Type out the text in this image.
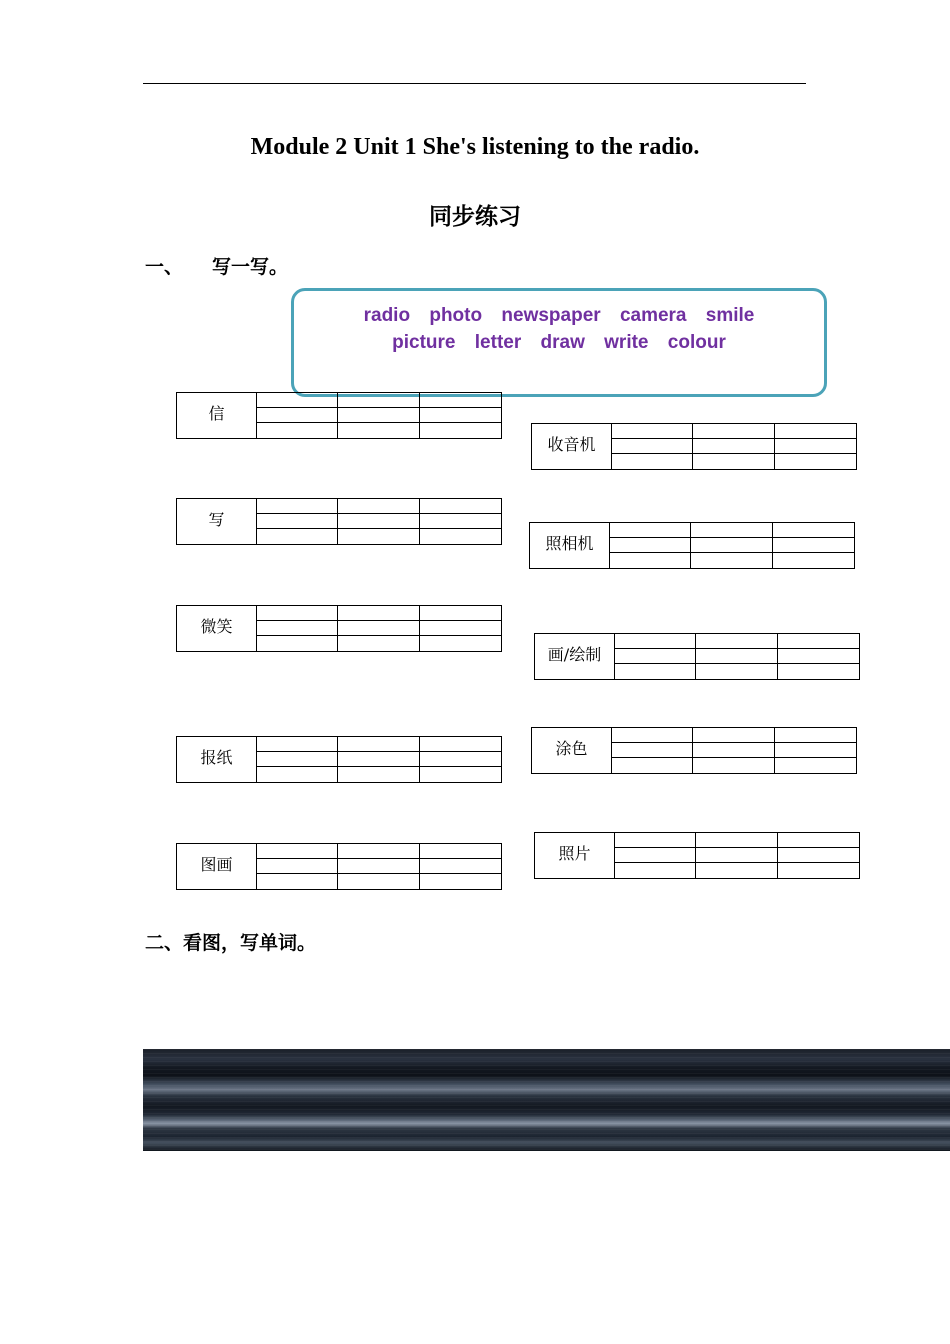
Module 2 Unit 1 She's listening to the radio.
同步练习
一、 写一写。
radio photo newspaper camera smile
picture letter draw write colour
信
写
微笑
报纸
图画
收音机
照相机
画/绘制
涂色
照片
二、看图，写单词。
